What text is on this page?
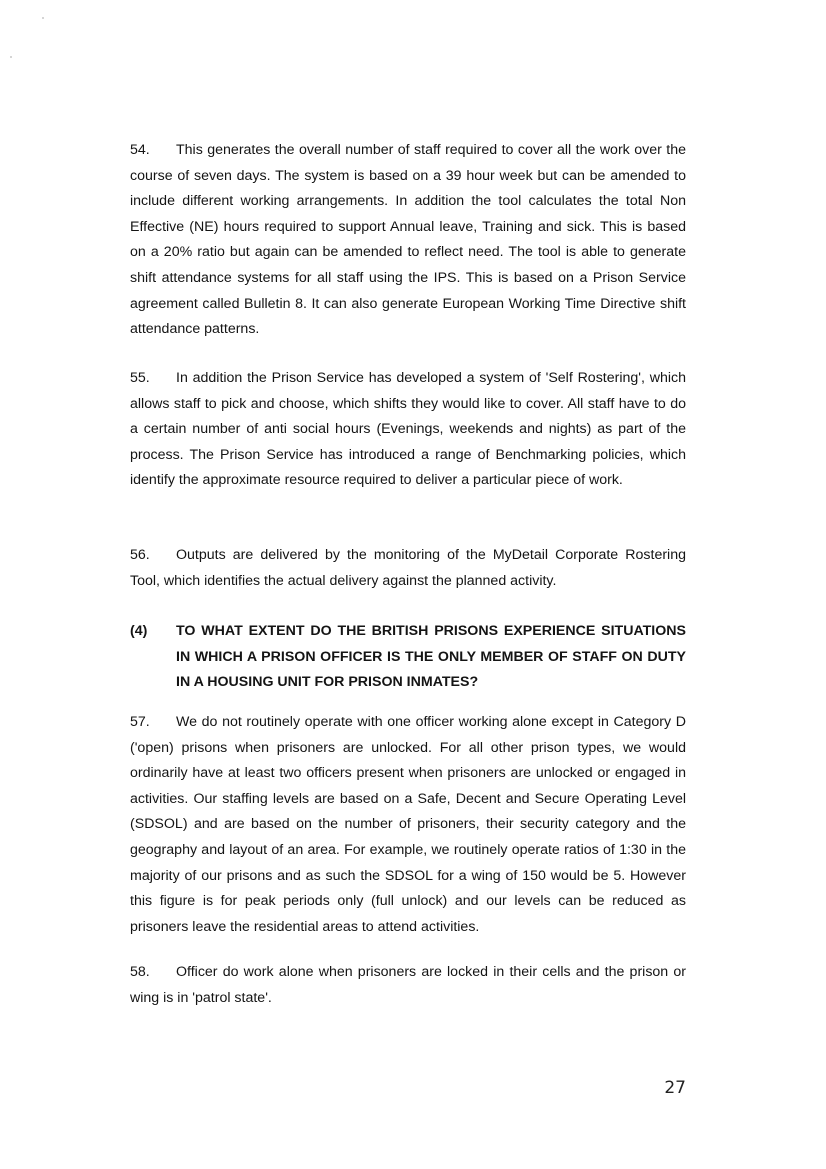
54. This generates the overall number of staff required to cover all the work over the course of seven days. The system is based on a 39 hour week but can be amended to include different working arrangements. In addition the tool calculates the total Non Effective (NE) hours required to support Annual leave, Training and sick. This is based on a 20% ratio but again can be amended to reflect need. The tool is able to generate shift attendance systems for all staff using the IPS. This is based on a Prison Service agreement called Bulletin 8. It can also generate European Working Time Directive shift attendance patterns.

55. In addition the Prison Service has developed a system of 'Self Rostering', which allows staff to pick and choose, which shifts they would like to cover. All staff have to do a certain number of anti social hours (Evenings, weekends and nights) as part of the process. The Prison Service has introduced a range of Benchmarking policies, which identify the approximate resource required to deliver a particular piece of work.

56. Outputs are delivered by the monitoring of the MyDetail Corporate Rostering Tool, which identifies the actual delivery against the planned activity.

(4) TO WHAT EXTENT DO THE BRITISH PRISONS EXPERIENCE SITUATIONS IN WHICH A PRISON OFFICER IS THE ONLY MEMBER OF STAFF ON DUTY IN A HOUSING UNIT FOR PRISON INMATES?

57. We do not routinely operate with one officer working alone except in Category D ('open) prisons when prisoners are unlocked. For all other prison types, we would ordinarily have at least two officers present when prisoners are unlocked or engaged in activities. Our staffing levels are based on a Safe, Decent and Secure Operating Level (SDSOL) and are based on the number of prisoners, their security category and the geography and layout of an area. For example, we routinely operate ratios of 1:30 in the majority of our prisons and as such the SDSOL for a wing of 150 would be 5. However this figure is for peak periods only (full unlock) and our levels can be reduced as prisoners leave the residential areas to attend activities.

58. Officer do work alone when prisoners are locked in their cells and the prison or wing is in 'patrol state'.

27
